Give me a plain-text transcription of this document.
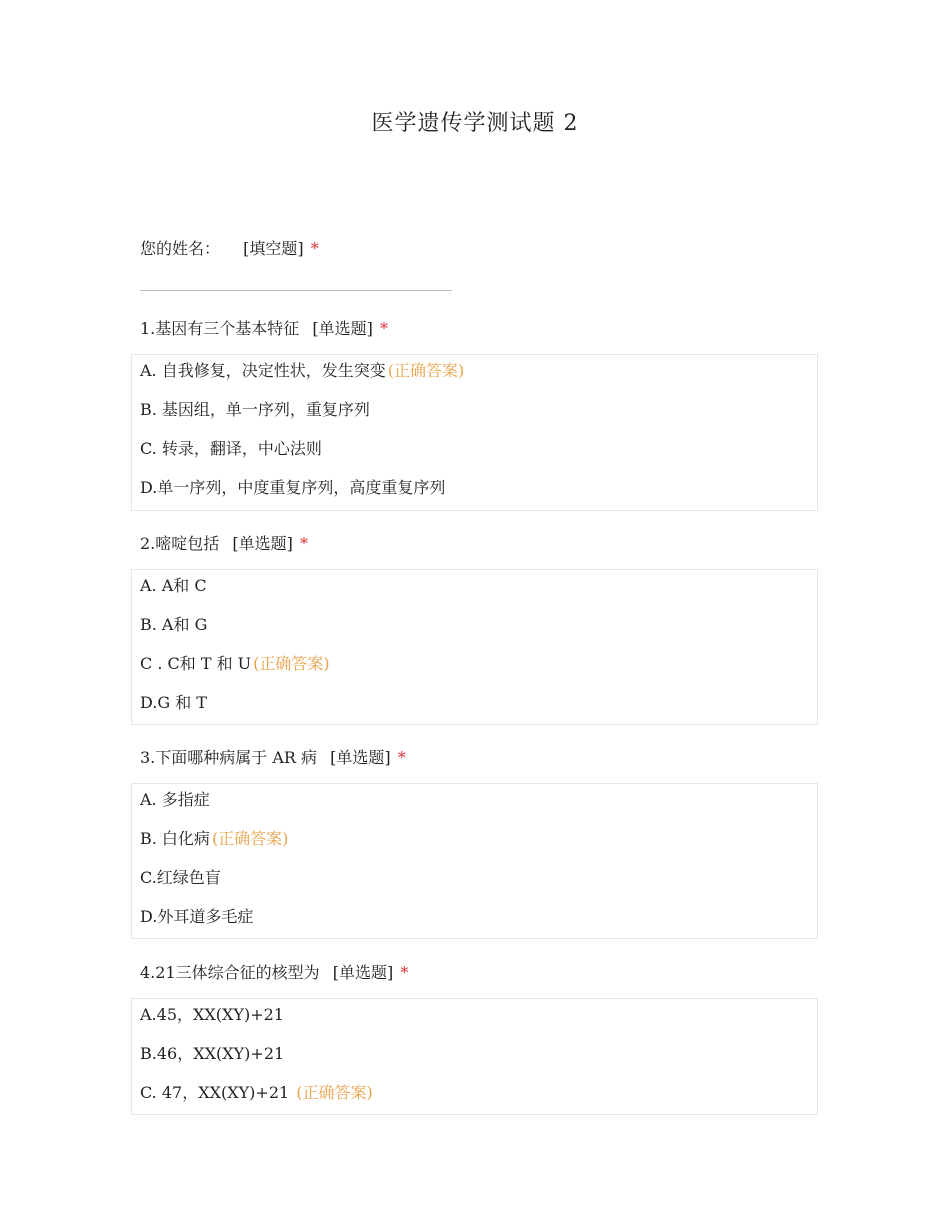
医学遗传学测试题 2
您的姓名： [填空题] *
1.基因有三个基本特征 [单选题] *
A. 自我修复，决定性状，发生突变 (正确答案)
B. 基因组，单一序列，重复序列
C. 转录，翻译，中心法则
D.单一序列，中度重复序列，高度重复序列
2.嘧啶包括 [单选题] *
A. A和 C
B. A和 G
C . C和 T 和 U (正确答案)
D.G 和 T
3.下面哪种病属于 AR 病 [单选题] *
A. 多指症
B. 白化病 (正确答案)
C.红绿色盲
D.外耳道多毛症
4.21三体综合征的核型为 [单选题] *
A.45，XX(XY)+21
B.46，XX(XY)+21
C. 47，XX(XY)+21 (正确答案)
